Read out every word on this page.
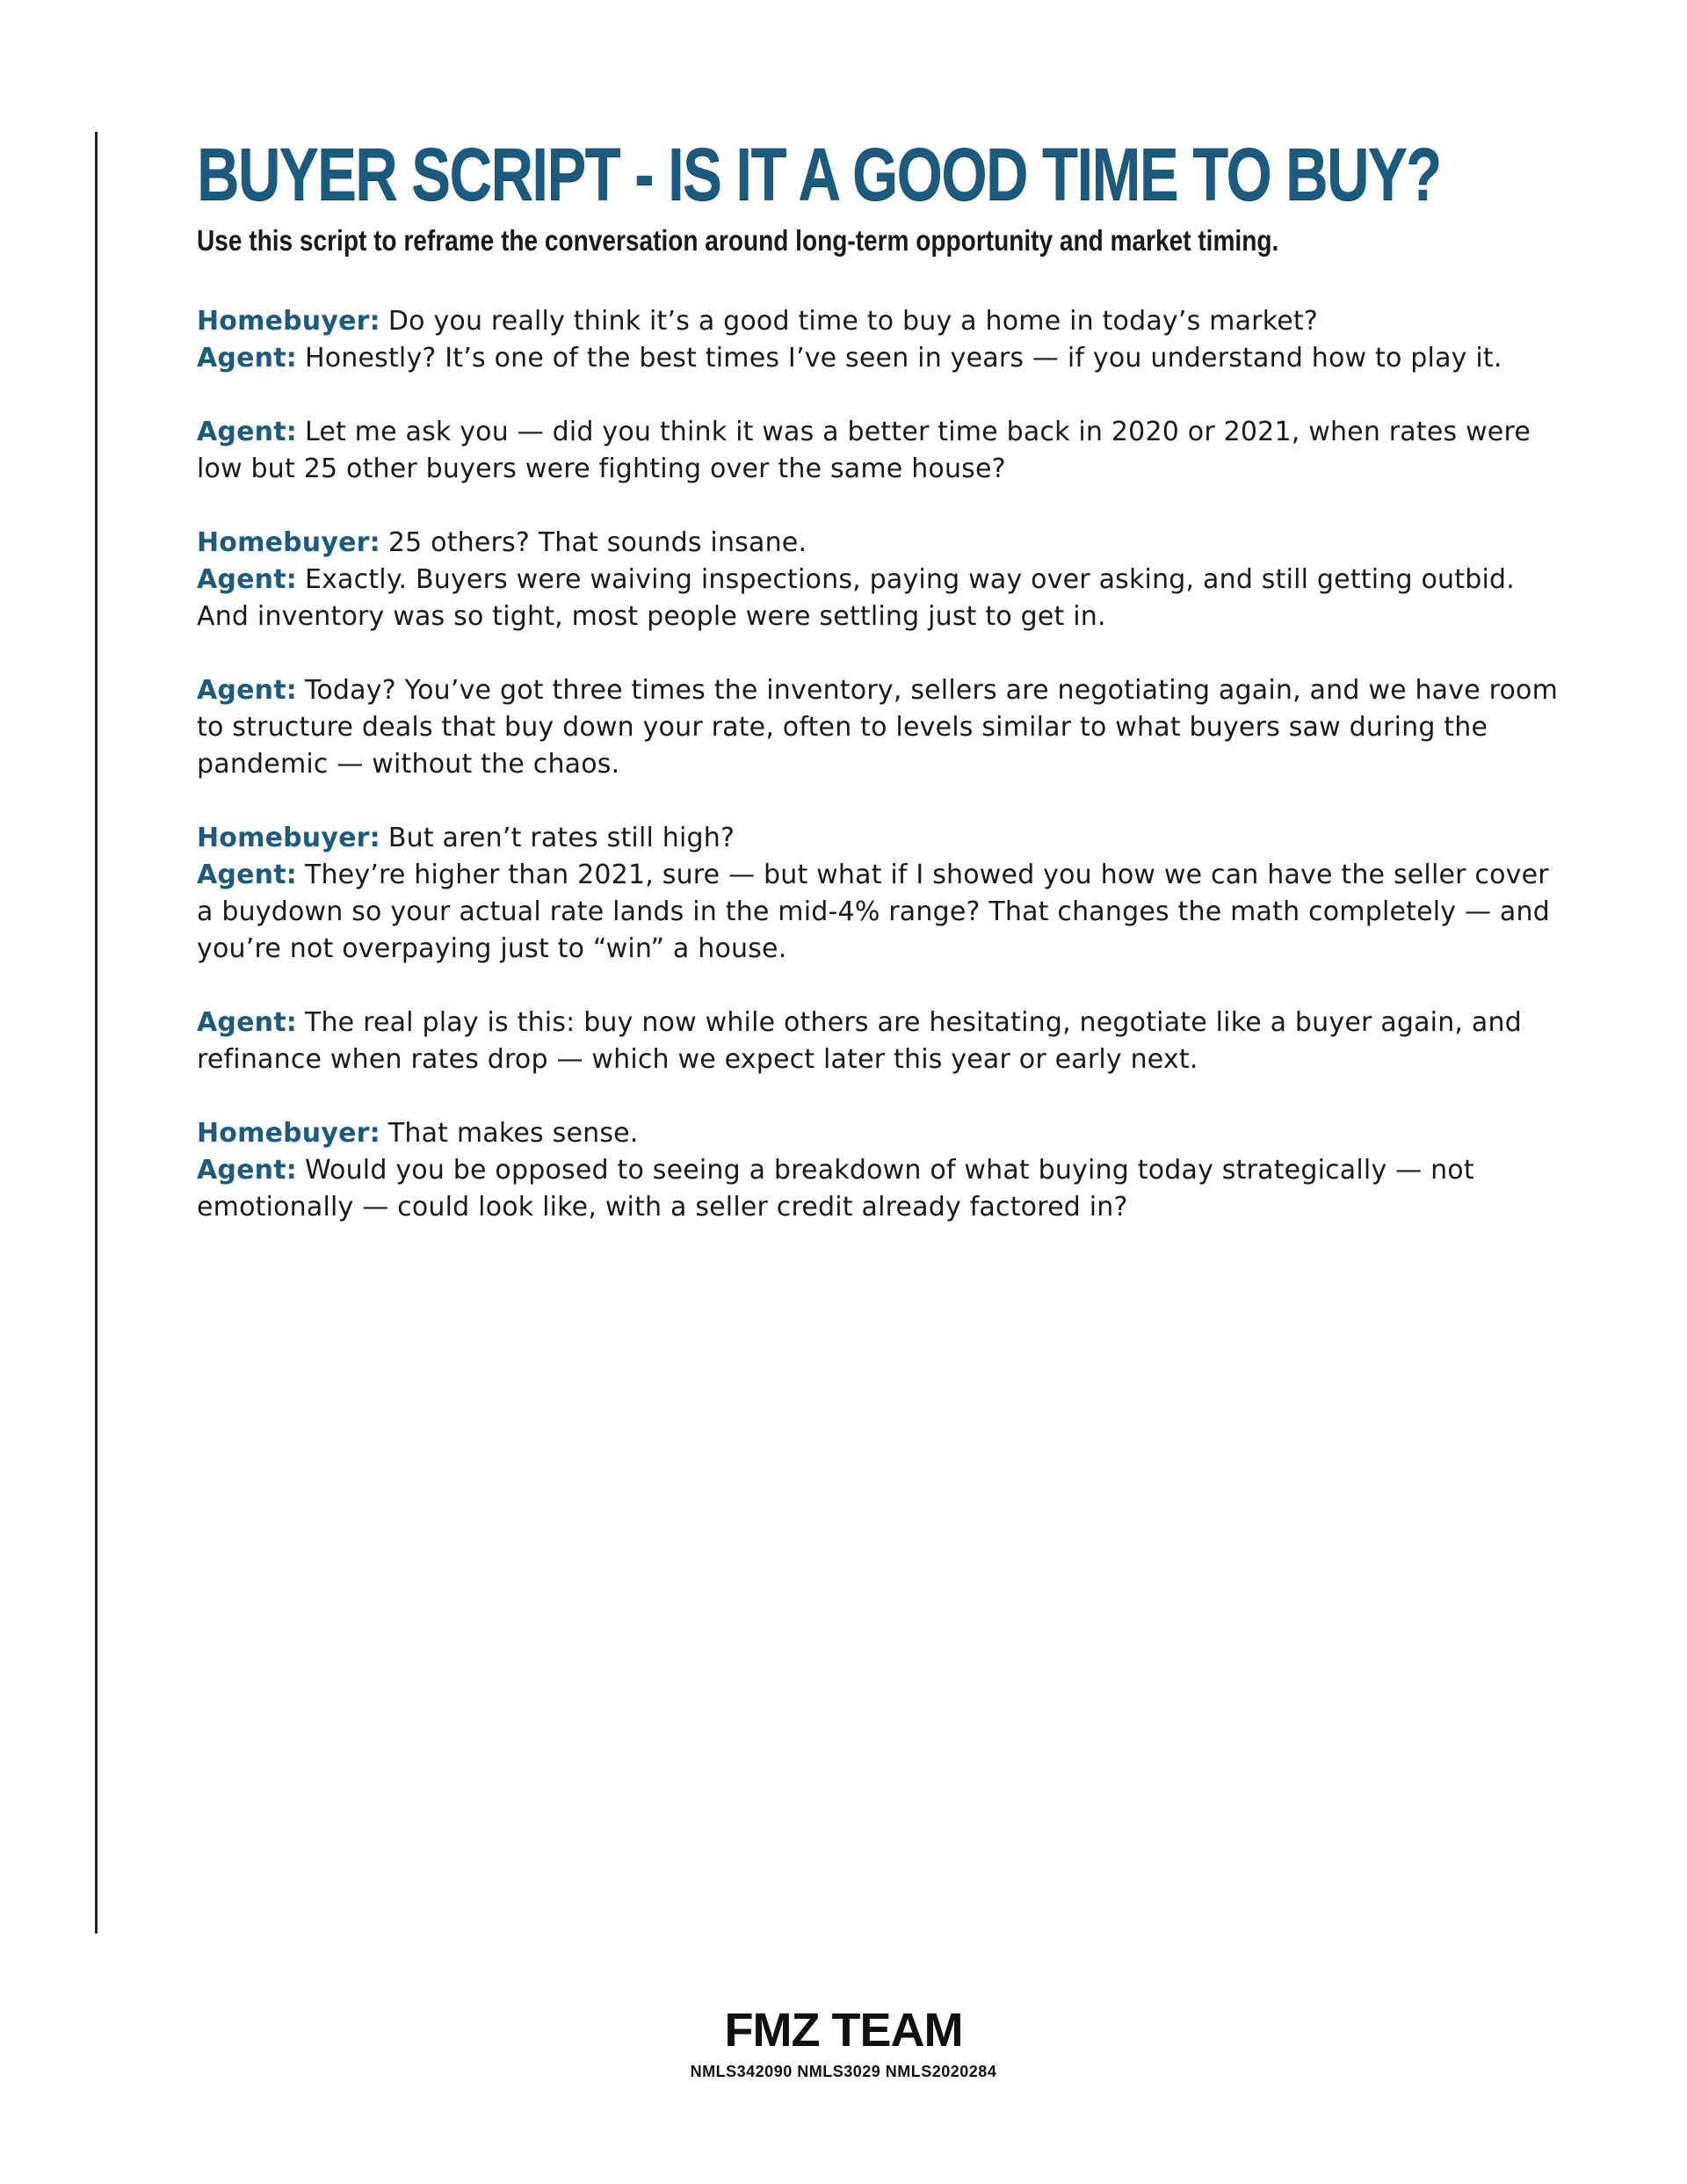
BUYER SCRIPT - IS IT A GOOD TIME TO BUY?

Use this script to reframe the conversation around long-term opportunity and market timing.

Homebuyer: Do you really think it’s a good time to buy a home in today’s market?

Agent: Honestly? It’s one of the best times I’ve seen in years — if you understand how to play it.

Agent: Let me ask you — did you think it was a better time back in 2020 or 2021, when rates were low but 25 other buyers were fighting over the same house?

Homebuyer: 25 others? That sounds insane.

Agent: Exactly. Buyers were waiving inspections, paying way over asking, and still getting outbid. And inventory was so tight, most people were settling just to get in.

Agent: Today? You’ve got three times the inventory, sellers are negotiating again, and we have room to structure deals that buy down your rate, often to levels similar to what buyers saw during the pandemic — without the chaos.

Homebuyer: But aren’t rates still high?

Agent: They’re higher than 2021, sure — but what if I showed you how we can have the seller cover a buydown so your actual rate lands in the mid-4% range? That changes the math completely — and you’re not overpaying just to “win” a house.

Agent: The real play is this: buy now while others are hesitating, negotiate like a buyer again, and refinance when rates drop — which we expect later this year or early next.

Homebuyer: That makes sense.

Agent: Would you be opposed to seeing a breakdown of what buying today strategically — not emotionally — could look like, with a seller credit already factored in?

FMZ TEAM

NMLS342090 NMLS3029 NMLS2020284
